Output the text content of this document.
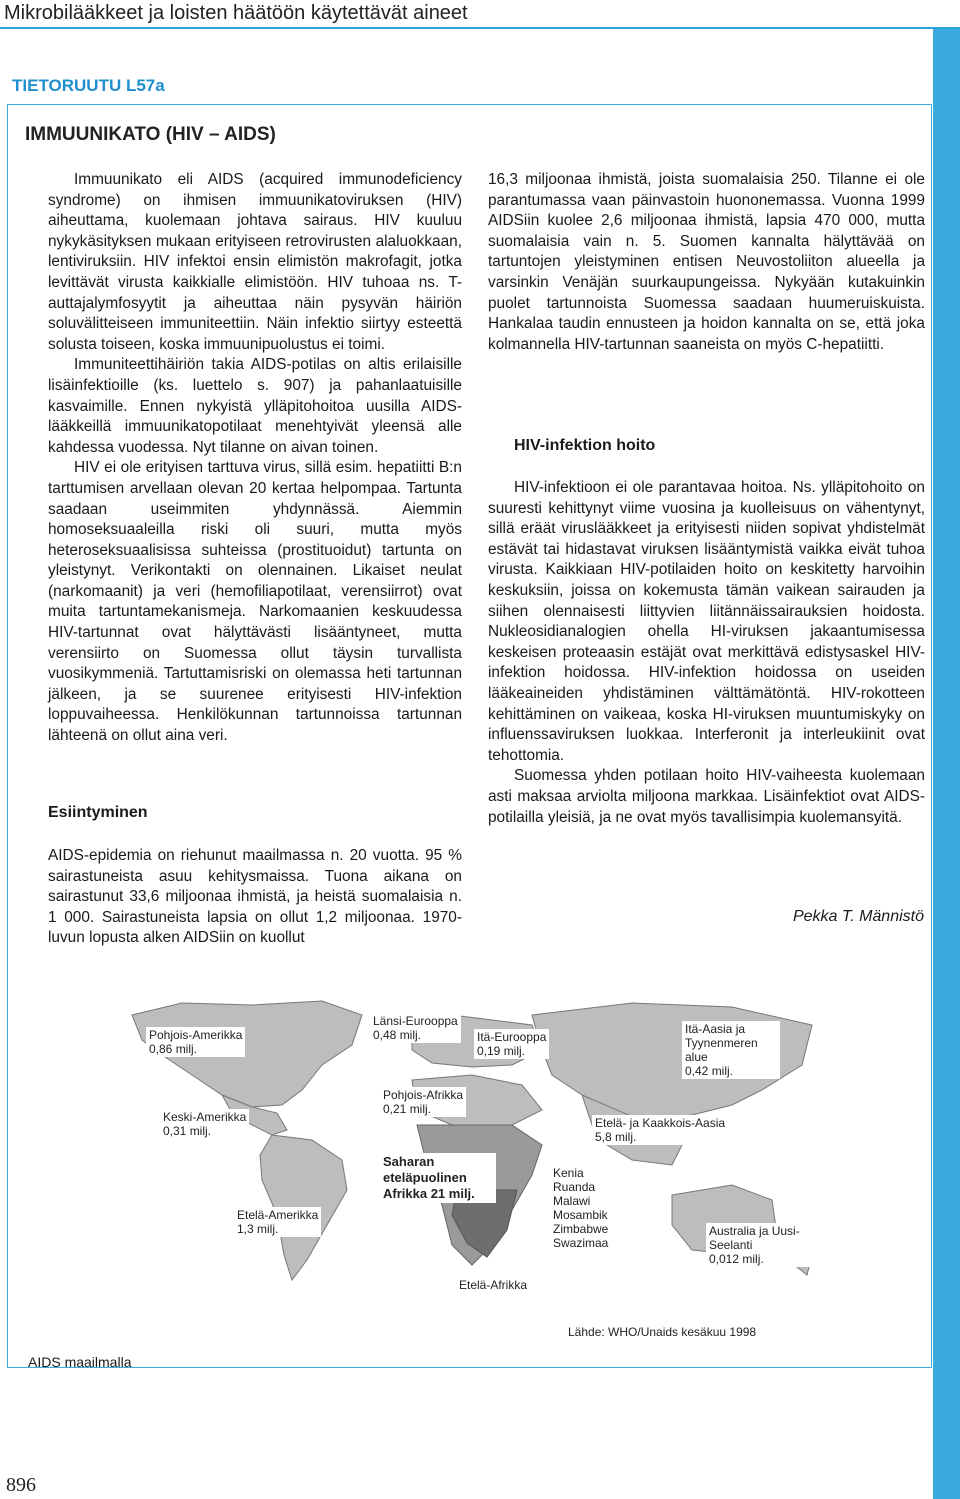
Mikrobilääkkeet ja loisten häätöön käytettävät aineet
TIETORUUTU L57a
IMMUUNIKATO (HIV – AIDS)

Immuunikato eli AIDS (acquired immunodeficiency syndrome) on ihmisen immuunikatoviruksen (HIV) aiheuttama, kuolemaan johtava sairaus. HIV kuuluu nykykäsityksen mukaan erityiseen retrovirusten alaluokkaan, lentiviruksiin. HIV infektoi ensin elimistön makrofagit, jotka levittävät virusta kaikkialle elimistöön. HIV tuhoaa ns. T-auttajalymfosyytit ja aiheuttaa näin pysyvän häiriön soluvälitteiseen immuniteettiin. Näin infektio siirtyy esteettä solusta toiseen, koska immuunipuolustus ei toimi.

Immuniteettihäiriön takia AIDS-potilas on altis erilaisille lisäinfektioille (ks. luettelo s. 907) ja pahanlaatuisille kasvaimille. Ennen nykyistä ylläpitohoitoa uusilla AIDS-lääkkeillä immuunikatopotilaat menehtyivät yleensä alle kahdessa vuodessa. Nyt tilanne on aivan toinen.

HIV ei ole erityisen tarttuva virus, sillä esim. hepatiitti B:n tarttumisen arvellaan olevan 20 kertaa helpompaa. Tartunta saadaan useimmiten yhdynnässä. Aiemmin homoseksuaaleilla riski oli suuri, mutta myös heteroseksuaalisissa suhteissa (prostituoidut) tartunta on yleistynyt. Verikontakti on olennainen. Likaiset neulat (narkomaanit) ja veri (hemofiliapotilaat, verensiirrot) ovat muita tartuntamekanismeja. Narkomaanien keskuudessa HIV-tartunnat ovat hälyttävästi lisääntyneet, mutta verensiirto on Suomessa ollut täysin turvallista vuosikymmeniä. Tartuttamisriski on olemassa heti tartunnan jälkeen, ja se suurenee erityisesti HIV-infektion loppuvaiheessa. Henkilökunnan tartunnoissa tartunnan lähteenä on ollut aina veri.

Esiintyminen

AIDS-epidemia on riehunut maailmassa n. 20 vuotta. 95 % sairastuneista asuu kehitysmaissa. Tuona aikana on sairastunut 33,6 miljoonaa ihmistä, ja heistä suomalaisia n. 1 000. Sairastuneista lapsia on ollut 1,2 miljoonaa. 1970-luvun lopusta alken AIDSiin on kuollut

16,3 miljoonaa ihmistä, joista suomalaisia 250. Tilanne ei ole parantumassa vaan päinvastoin huononemassa. Vuonna 1999 AIDSiin kuolee 2,6 miljoonaa ihmistä, lapsia 470 000, mutta suomalaisia vain n. 5. Suomen kannalta hälyttävää on tartuntojen yleistyminen entisen Neuvostoliiton alueella ja varsinkin Venäjän suurkaupungeissa. Nykyään kutakuinkin puolet tartunnoista Suomessa saadaan huumeruiskuista. Hankalaa taudin ennusteen ja hoidon kannalta on se, että joka kolmannella HIV-tartunnan saaneista on myös C-hepatiitti.

HIV-infektion hoito

HIV-infektioon ei ole parantavaa hoitoa. Ns. ylläpitohoito on suuresti kehittynyt viime vuosina ja kuolleisuus on vähentynyt, sillä eräät viruslääkkeet ja erityisesti niiden sopivat yhdistelmät estävät tai hidastavat viruksen lisääntymistä vaikka eivät tuhoa virusta. Kaikkiaan HIV-potilaiden hoito on keskitetty harvoihin keskuksiin, joissa on kokemusta tämän vaikean sairauden ja siihen olennaisesti liittyvien liitännäissairauksien hoidosta. Nukleosidianalogien ohella HI-viruksen jakaantumisessa keskeisen proteaasin estäjät ovat merkittävä edistysaskel HIV-infektion hoidossa. HIV-infektion hoidossa on useiden lääkeaineiden yhdistäminen välttämätöntä. HIV-rokotteen kehittäminen on vaikeaa, koska HI-viruksen muuntumiskyky on influenssaviruksen luokkaa. Interferonit ja interleukiinit ovat tehottomia.

Suomessa yhden potilaan hoito HIV-vaiheesta kuolemaan asti maksaa arviolta miljoona markkaa. Lisäinfektiot ovat AIDS-potilailla yleisiä, ja ne ovat myös tavallisimpia kuolemansyitä.

Pekka T. Männistö
Pohjois-Amerikka
0,86 milj.
Keski-Amerikka
0,31 milj.
Etelä-Amerikka
1,3 milj.
Länsi-Eurooppa
0,48 milj.	Itä-Eurooppa
0,19 milj.
Pohjois-Afrikka
0,21 milj.
Itä-Aasia ja Tyynenmeren alue
0,42 milj.
Etelä- ja Kaakkois-Aasia
5,8 milj.
Saharan eteläpuolinen Afrikka 21 milj.
Australia ja Uusi-Seelanti
0,012 milj.
Sambia
Namibia
Botswana
Kenia
Ruanda
Malawi
Mosambik
Zimbabwe
Swazimaa
Etelä-Afrikka
Lähde: WHO/Unaids kesäkuu 1998
AIDS maailmalla
896
